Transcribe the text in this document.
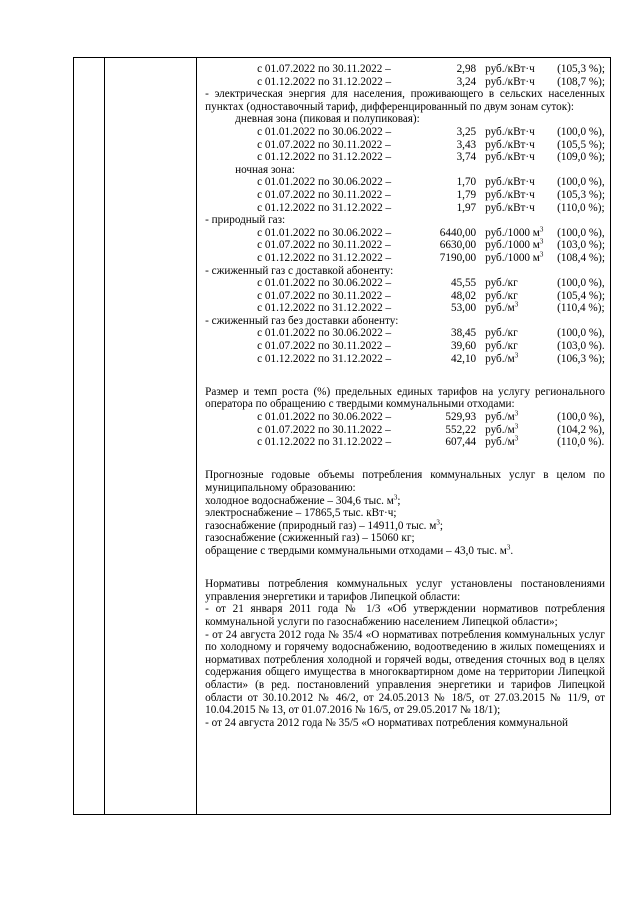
с 01.07.2022 по 30.11.2022 –	2,98 руб./кВт·ч	(105,3 %);
с 01.12.2022 по 31.12.2022 –	3,24 руб./кВт·ч	(108,7 %);

- электрическая энергия для населения, проживающего в сельских населенных пунктах (одноставочный тариф, дифференцированный по двум зонам суток):

дневная зона (пиковая и полупиковая):
с 01.01.2022 по 30.06.2022 –	3,25 руб./кВт·ч	(100,0 %),
с 01.07.2022 по 30.11.2022 –	3,43 руб./кВт·ч	(105,5 %);
с 01.12.2022 по 31.12.2022 –	3,74 руб./кВт·ч	(109,0 %);
ночная зона:
с 01.01.2022 по 30.06.2022 –	1,70 руб./кВт·ч	(100,0 %),
с 01.07.2022 по 30.11.2022 –	1,79 руб./кВт·ч	(105,3 %);
с 01.12.2022 по 31.12.2022 –	1,97 руб./кВт·ч	(110,0 %);
- природный газ:
с 01.01.2022 по 30.06.2022 –	6440,00 руб./1000 $м^3$	(100,0 %),
с 01.07.2022 по 30.11.2022 –	6630,00 руб./1000 $м^3$	(103,0 %);
с 01.12.2022 по 31.12.2022 –	7190,00 руб./1000 $м^3$	(108,4 %);
- сжиженный газ с доставкой абоненту:
с 01.01.2022 по 30.06.2022 –	45,55 руб./кг	(100,0 %),
с 01.07.2022 по 30.11.2022 –	48,02 руб./кг	(105,4 %);
с 01.12.2022 по 31.12.2022 –	53,00 $руб./м^3$	(110,4 %);
- сжиженный газ без доставки абоненту:
с 01.01.2022 по 30.06.2022 –	38,45 руб./кг	(100,0 %),
с 01.07.2022 по 30.11.2022 –	39,60 руб./кг	(103,0 %).
с 01.12.2022 по 31.12.2022 –	42,10 $руб./м^3$	(106,3 %);

Размер и темп роста (%) предельных единых тарифов на услугу регионального оператора по обращению с твердыми коммунальными отходами:

с 01.01.2022 по 30.06.2022 –	529,93 $руб./м^3$	(100,0 %),
с 01.07.2022 по 30.11.2022 –	552,22 $руб./м^3$	(104,2 %),
с 01.12.2022 по 31.12.2022 –	607,44 $руб./м^3$	(110,0 %).

Прогнозные годовые объемы потребления коммунальных услуг в целом по муниципальному образованию:

холодное водоснабжение – 304,6 тыс. $м^3$;
электроснабжение – 17865,5 тыс. кВт·ч;
газоснабжение (природный газ) – 14911,0 тыс. $м^3$;
газоснабжение (сжиженный газ) – 15060 кг;
обращение с твердыми коммунальными отходами – 43,0 тыс. $м^3$.

Нормативы потребления коммунальных услуг установлены постановлениями управления энергетики и тарифов Липецкой области:

- от 21 января 2011 года № 1/3 «Об утверждении нормативов потребления коммунальной услуги по газоснабжению населением Липецкой области»;

- от 24 августа 2012 года № 35/4 «О нормативах потребления коммунальных услуг по холодному и горячему водоснабжению, водоотведению в жилых помещениях и нормативах потребления холодной и горячей воды, отведения сточных вод в целях содержания общего имущества в многоквартирном доме на территории Липецкой области» (в ред. постановлений управления энергетики и тарифов Липецкой области от 30.10.2012 № 46/2, от 24.05.2013 № 18/5, от 27.03.2015 № 11/9, от 10.04.2015 № 13, от 01.07.2016 № 16/5, от 29.05.2017 № 18/1);

- от 24 августа 2012 года № 35/5 «О нормативах потребления коммунальной
